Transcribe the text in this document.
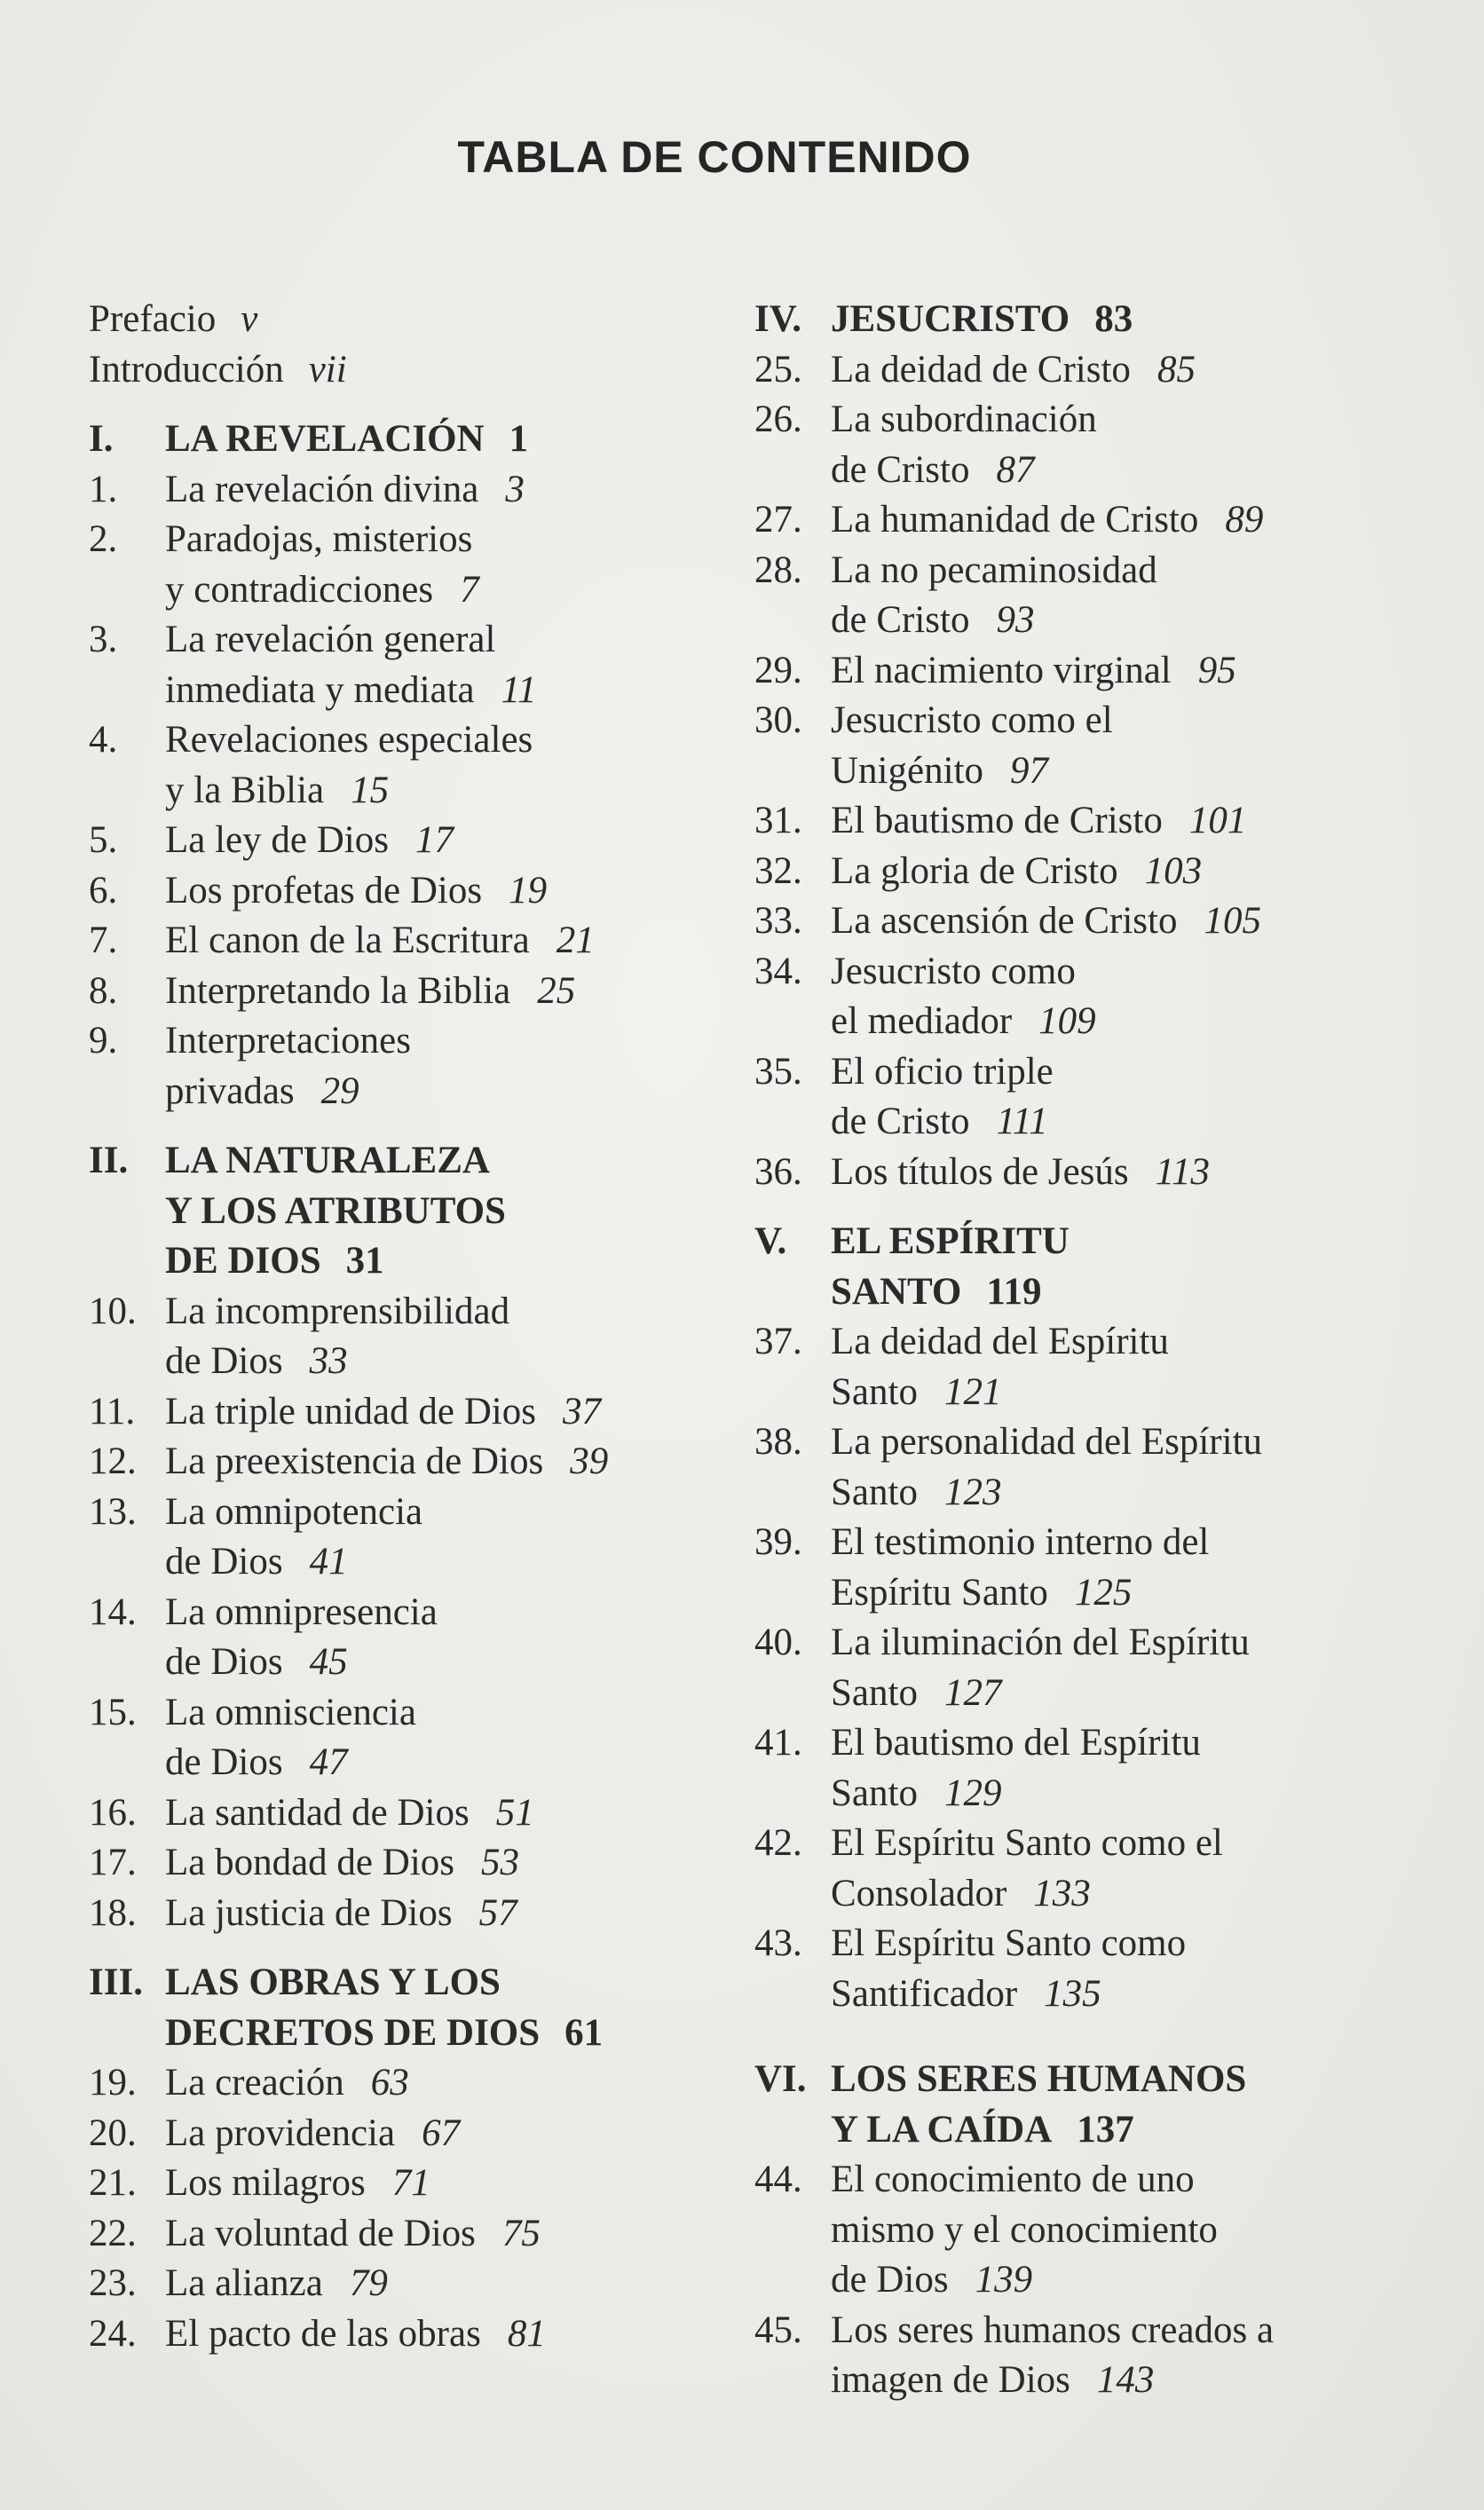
TABLA DE CONTENIDO
Prefacio v
Introducción vii
I.	LA REVELACIÓN 1
1.	La revelación divina 3
2.	Paradojas, misterios
y contradicciones 7
3.	La revelación general
inmediata y mediata 11
4.	Revelaciones especiales
y la Biblia 15
5.	La ley de Dios 17
6.	Los profetas de Dios 19
7.	El canon de la Escritura 21
8.	Interpretando la Biblia 25
9.	Interpretaciones
privadas 29
II. LA NATURALEZA
Y LOS ATRIBUTOS
DE DIOS 31
10. La incomprensibilidad
de Dios 33
11. La triple unidad de Dios 37
12. La preexistencia de Dios 39
13. La omnipotencia
de Dios 41
14. La omnipresencia
de Dios 45
15. La omnisciencia
de Dios 47
16. La santidad de Dios 51
17. La bondad de Dios 53
18. La justicia de Dios 57
III. LAS OBRAS Y LOS
DECRETOS DE DIOS 61
19. La creación 63
20. La providencia 67
21. Los milagros 71
22. La voluntad de Dios 75
23. La alianza 79
24. El pacto de las obras 81
IV. JESUCRISTO 83
25. La deidad de Cristo 85
26. La subordinación
de Cristo 87
27. La humanidad de Cristo 89
28. La no pecaminosidad
de Cristo 93
29. El nacimiento virginal 95
30. Jesucristo como el
Unigénito 97
31. El bautismo de Cristo 101
32. La gloria de Cristo 103
33. La ascensión de Cristo 105
34. Jesucristo como
el mediador 109
35. El oficio triple
de Cristo 111
36. Los títulos de Jesús 113
V.	EL ESPÍRITU
SANTO 119
37. La deidad del Espíritu
Santo 121
38. La personalidad del Espíritu
Santo 123
39. El testimonio interno del
Espíritu Santo 125
40. La iluminación del Espíritu
Santo 127
41. El bautismo del Espíritu
Santo 129
42. El Espíritu Santo como el
Consolador 133
43. El Espíritu Santo como
Santificador 135
VI. LOS SERES HUMANOS
Y LA CAÍDA 137
44. El conocimiento de uno
mismo y el conocimiento
de Dios 139
45. Los seres humanos creados a
imagen de Dios 143
